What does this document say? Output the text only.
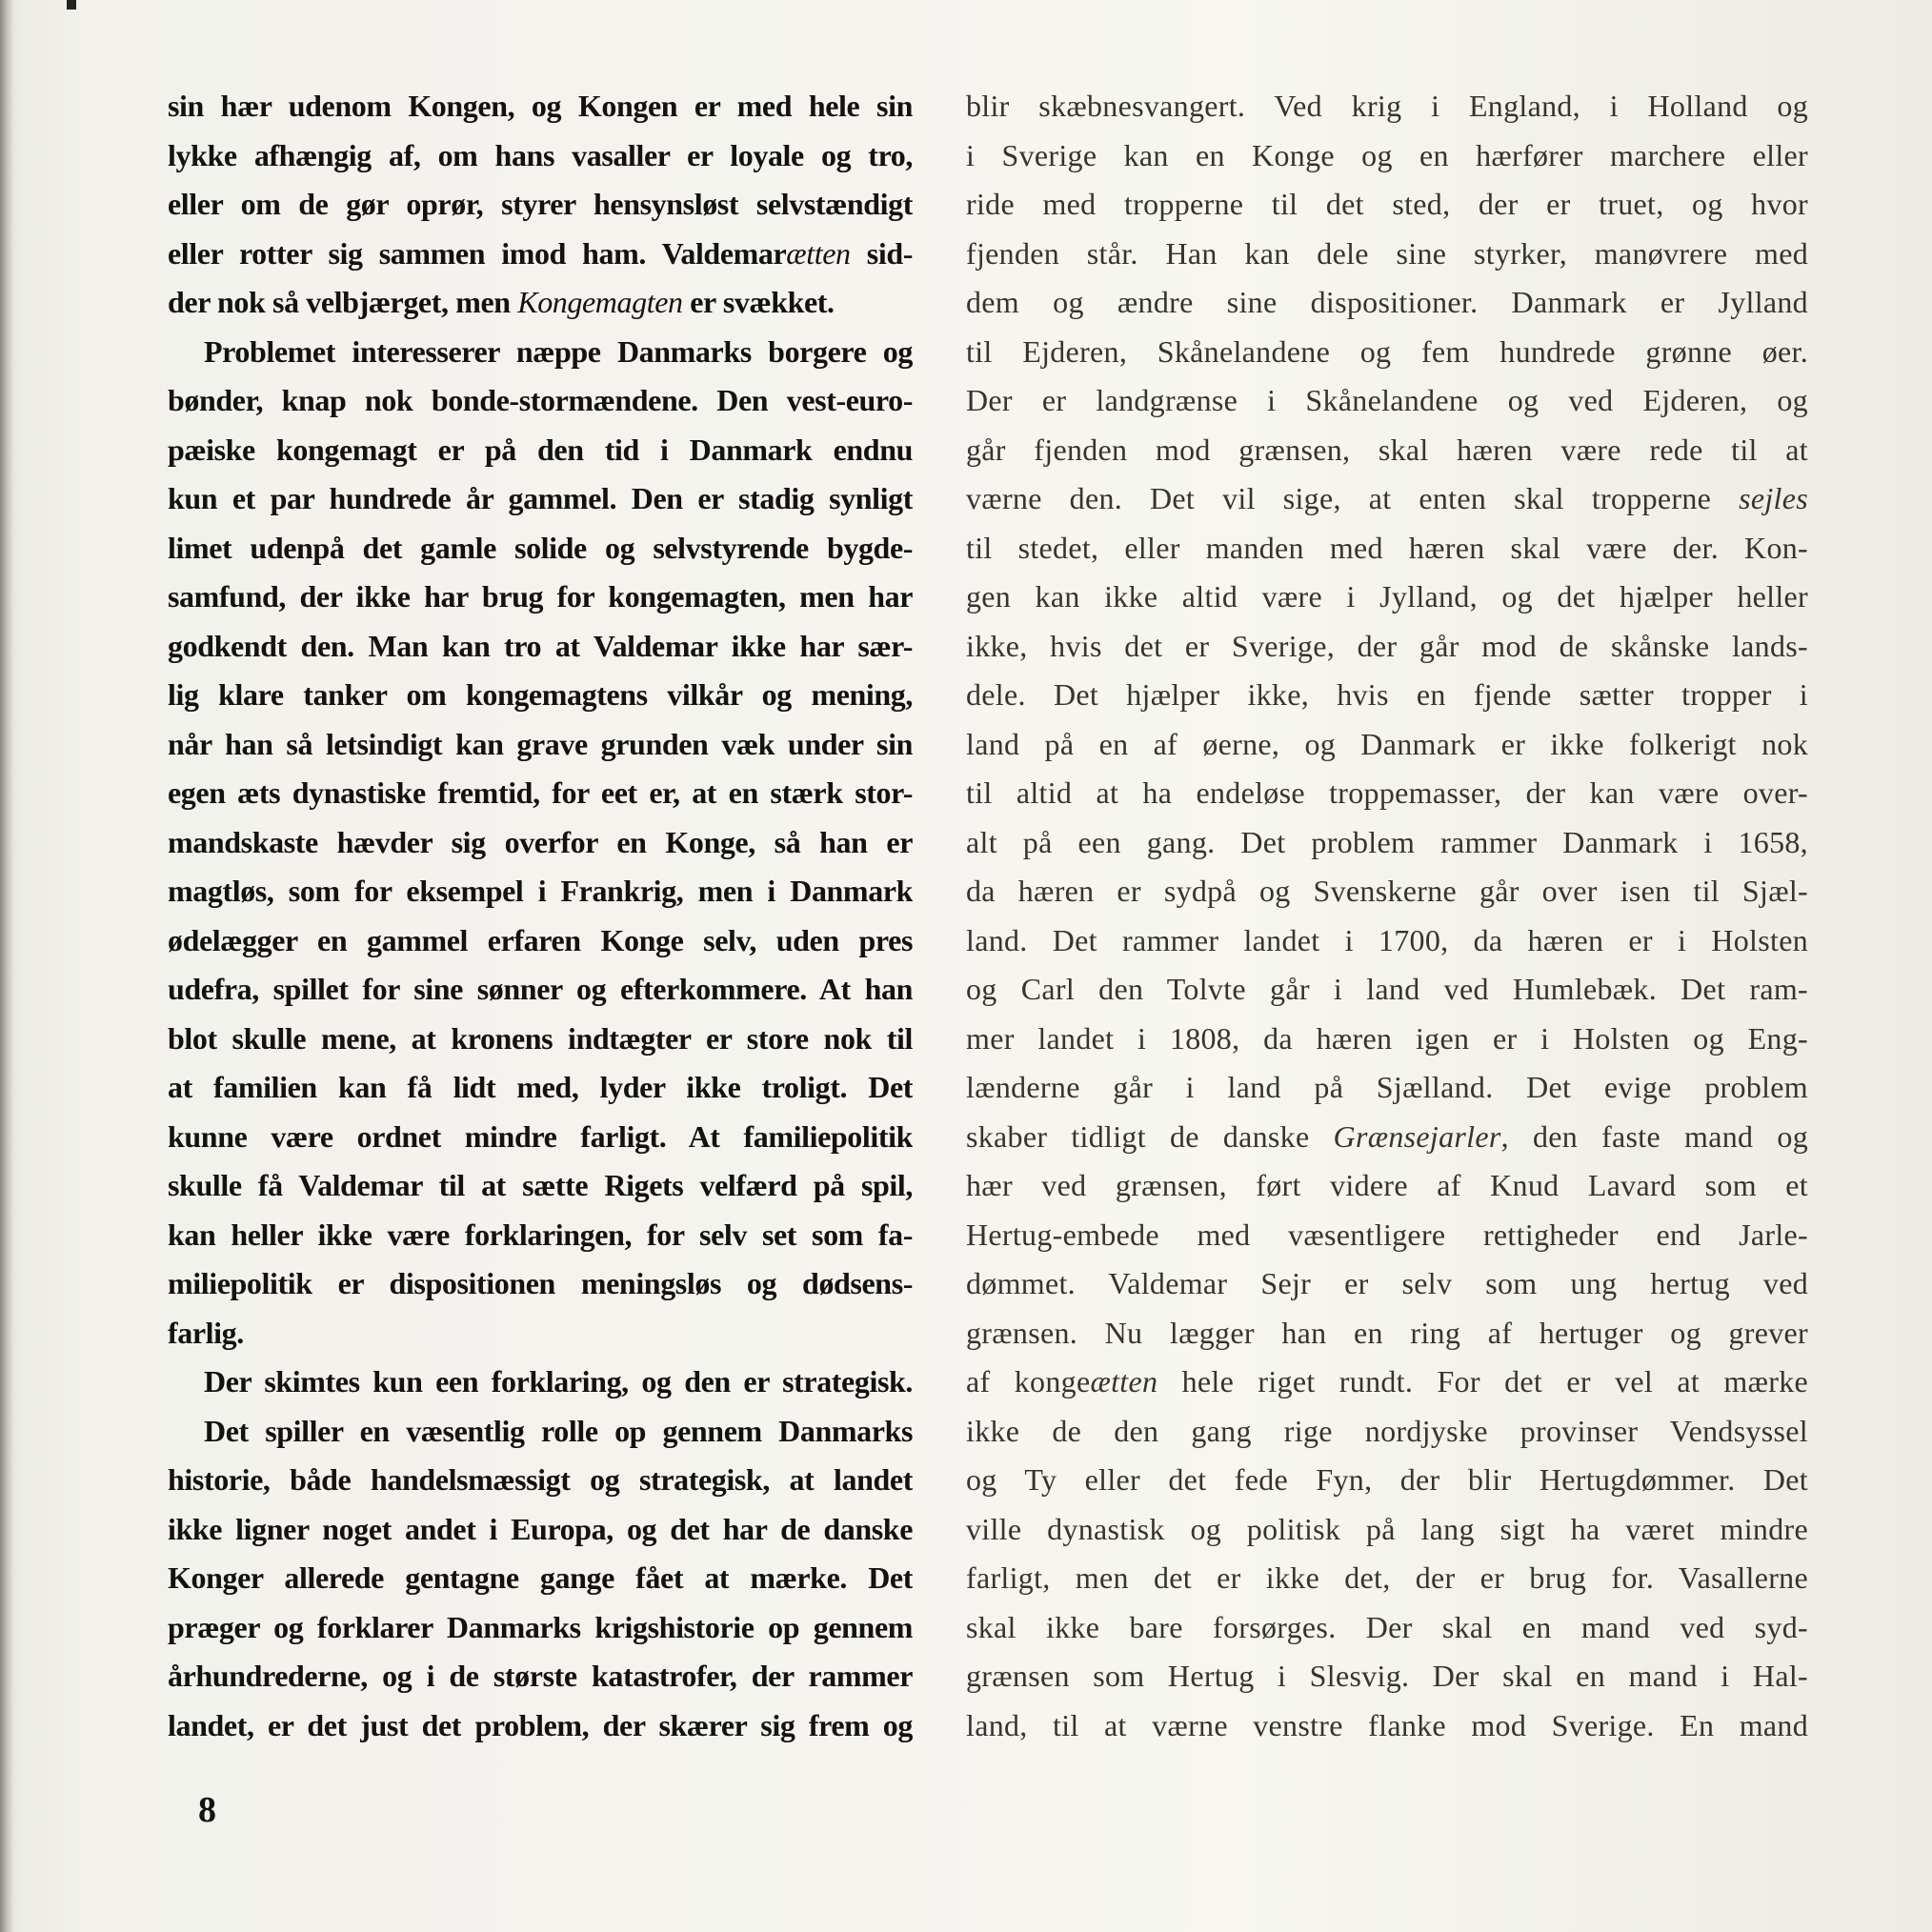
sin hær udenom Kongen, og Kongen er med hele sin
lykke afhængig af, om hans vasaller er loyale og tro,
eller om de gør oprør, styrer hensynsløst selvstændigt
eller rotter sig sammen imod ham. Valdemarætten sid-
der nok så velbjærget, men Kongemagten er svækket.
Problemet interesserer næppe Danmarks borgere og
bønder, knap nok bonde-stormændene. Den vest-euro-
pæiske kongemagt er på den tid i Danmark endnu
kun et par hundrede år gammel. Den er stadig synligt
limet udenpå det gamle solide og selvstyrende bygde-
samfund, der ikke har brug for kongemagten, men har
godkendt den. Man kan tro at Valdemar ikke har sær-
lig klare tanker om kongemagtens vilkår og mening,
når han så letsindigt kan grave grunden væk under sin
egen æts dynastiske fremtid, for eet er, at en stærk stor-
mandskaste hævder sig overfor en Konge, så han er
magtløs, som for eksempel i Frankrig, men i Danmark
ødelægger en gammel erfaren Konge selv, uden pres
udefra, spillet for sine sønner og efterkommere. At han
blot skulle mene, at kronens indtægter er store nok til
at familien kan få lidt med, lyder ikke troligt. Det
kunne være ordnet mindre farligt. At familiepolitik
skulle få Valdemar til at sætte Rigets velfærd på spil,
kan heller ikke være forklaringen, for selv set som fa-
miliepolitik er dispositionen meningsløs og dødsens-
farlig.
Der skimtes kun een forklaring, og den er strategisk.
Det spiller en væsentlig rolle op gennem Danmarks
historie, både handelsmæssigt og strategisk, at landet
ikke ligner noget andet i Europa, og det har de danske
Konger allerede gentagne gange fået at mærke. Det
præger og forklarer Danmarks krigshistorie op gennem
århundrederne, og i de største katastrofer, der rammer
landet, er det just det problem, der skærer sig frem og
blir skæbnesvangert. Ved krig i England, i Holland og
i Sverige kan en Konge og en hærfører marchere eller
ride med tropperne til det sted, der er truet, og hvor
fjenden står. Han kan dele sine styrker, manøvrere med
dem og ændre sine dispositioner. Danmark er Jylland
til Ejderen, Skånelandene og fem hundrede grønne øer.
Der er landgrænse i Skånelandene og ved Ejderen, og
går fjenden mod grænsen, skal hæren være rede til at
værne den. Det vil sige, at enten skal tropperne sejles
til stedet, eller manden med hæren skal være der. Kon-
gen kan ikke altid være i Jylland, og det hjælper heller
ikke, hvis det er Sverige, der går mod de skånske lands-
dele. Det hjælper ikke, hvis en fjende sætter tropper i
land på en af øerne, og Danmark er ikke folkerigt nok
til altid at ha endeløse troppemasser, der kan være over-
alt på een gang. Det problem rammer Danmark i 1658,
da hæren er sydpå og Svenskerne går over isen til Sjæl-
land. Det rammer landet i 1700, da hæren er i Holsten
og Carl den Tolvte går i land ved Humlebæk. Det ram-
mer landet i 1808, da hæren igen er i Holsten og Eng-
lænderne går i land på Sjælland. Det evige problem
skaber tidligt de danske Grænsejarler, den faste mand og
hær ved grænsen, ført videre af Knud Lavard som et
Hertug-embede med væsentligere rettigheder end Jarle-
dømmet. Valdemar Sejr er selv som ung hertug ved
grænsen. Nu lægger han en ring af hertuger og grever
af kongeætten hele riget rundt. For det er vel at mærke
ikke de den gang rige nordjyske provinser Vendsyssel
og Ty eller det fede Fyn, der blir Hertugdømmer. Det
ville dynastisk og politisk på lang sigt ha været mindre
farligt, men det er ikke det, der er brug for. Vasallerne
skal ikke bare forsørges. Der skal en mand ved syd-
grænsen som Hertug i Slesvig. Der skal en mand i Hal-
land, til at værne venstre flanke mod Sverige. En mand
8
